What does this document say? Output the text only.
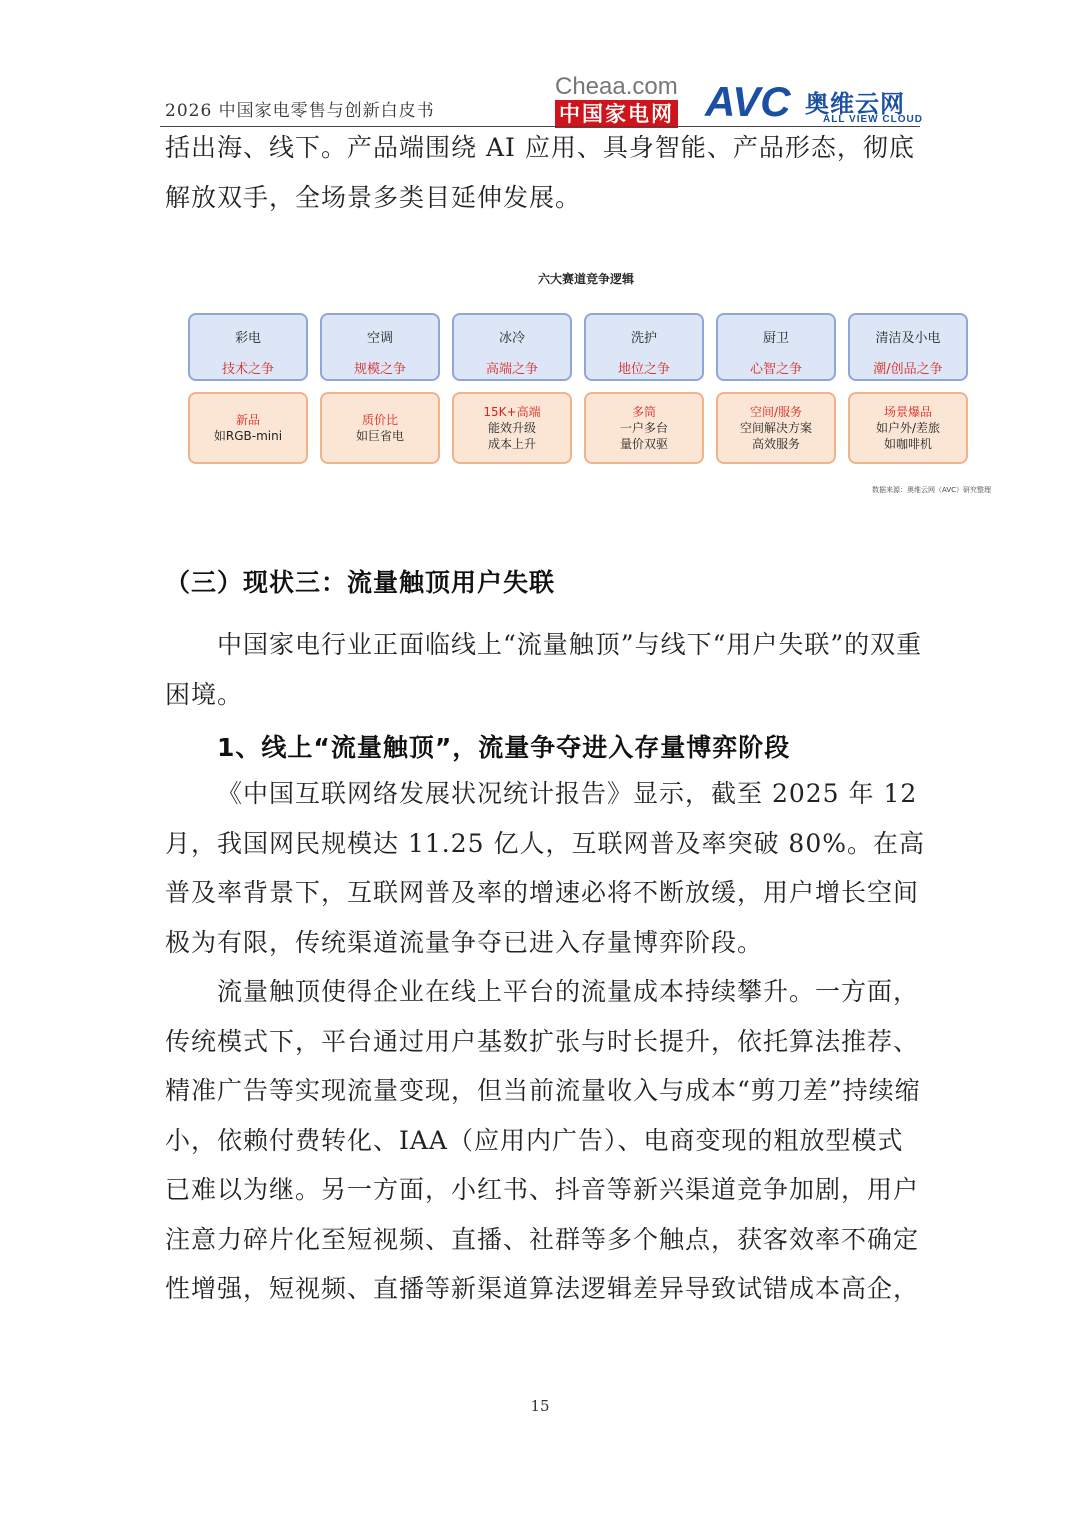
2026 中国家电零售与创新白皮书
Cheaa.com
中国家电网 AVC 奥维云网
ALL VIEW CLOUD

括出海、线下。产品端围绕 AI 应用、具身智能、产品形态，彻底解放双手，全场景多类目延伸发展。

六大赛道竞争逻辑
彩电
技术之争
空调
规模之争
冰冷
高端之争
洗护
地位之争
厨卫
心智之争
清洁及小电
潮/创品之争
新品
如RGB-mini
质价比
如巨省电
15K+高端
能效升级
成本上升
多筒
一户多台
量价双驱
空间/服务
空间解决方案
高效服务
场景爆品
如户外/差旅
如咖啡机
数据来源：奥维云网（AVC）研究整理
（三）现状三：流量触顶用户失联

中国家电行业正面临线上“流量触顶”与线下“用户失联”的双重困境。

1、线上“流量触顶”，流量争夺进入存量博弈阶段

《中国互联网络发展状况统计报告》显示，截至 2025 年 12 月，我国网民规模达 11.25 亿人，互联网普及率突破 80%。在高普及率背景下，互联网普及率的增速必将不断放缓，用户增长空间极为有限，传统渠道流量争夺已进入存量博弈阶段。

流量触顶使得企业在线上平台的流量成本持续攀升。一方面，传统模式下，平台通过用户基数扩张与时长提升，依托算法推荐、精准广告等实现流量变现，但当前流量收入与成本“剪刀差”持续缩小，依赖付费转化、IAA（应用内广告）、电商变现的粗放型模式已难以为继。另一方面，小红书、抖音等新兴渠道竞争加剧，用户注意力碎片化至短视频、直播、社群等多个触点，获客效率不确定性增强，短视频、直播等新渠道算法逻辑差异导致试错成本高企，

15
